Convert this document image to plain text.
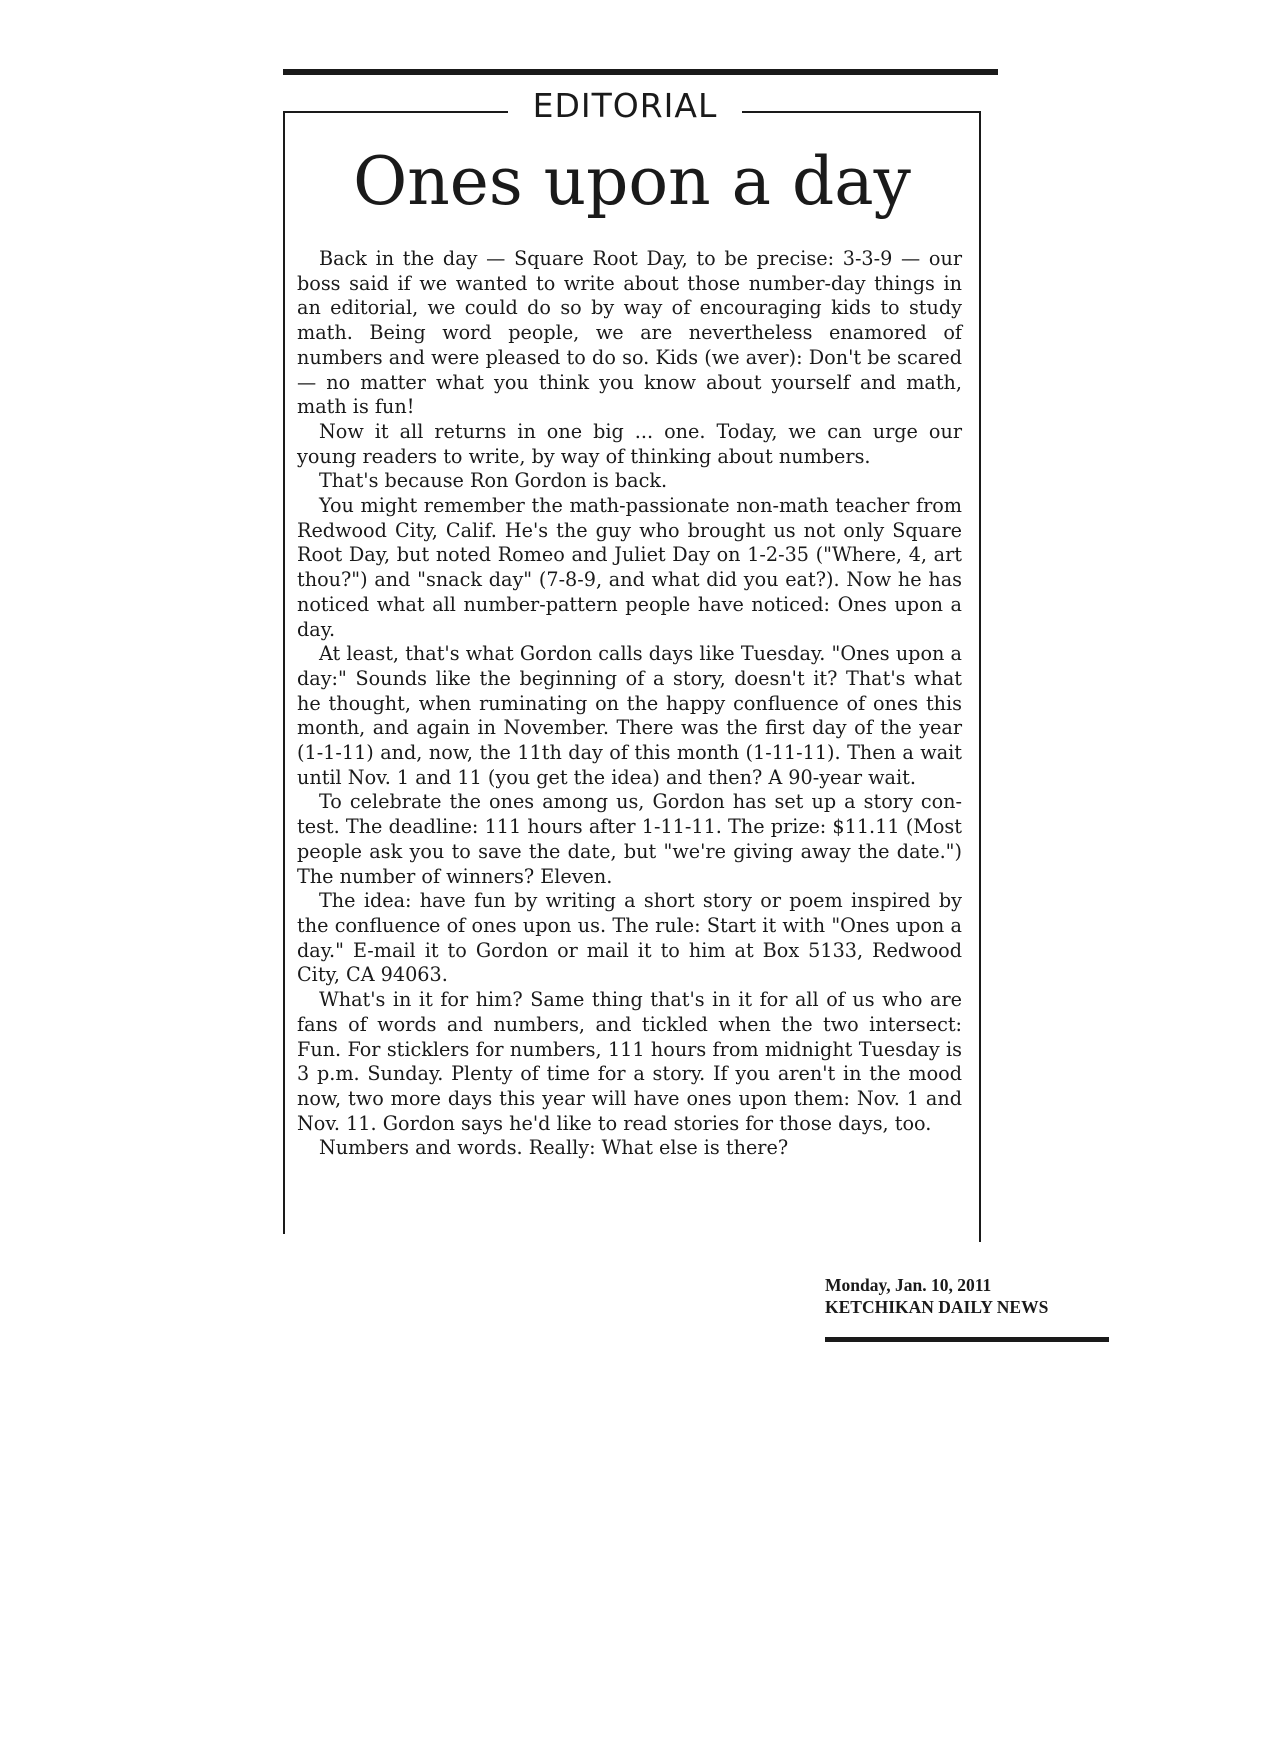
EDITORIAL
Ones upon a day

Back in the day — Square Root Day, to be precise: 3-3-9 — our boss said if we wanted to write about those number-day things in an editorial, we could do so by way of encouraging kids to study math. Being word people, we are nevertheless enamored of numbers and were pleased to do so. Kids (we aver): Don't be scared — no matter what you think you know about yourself and math, math is fun!

Now it all returns in one big ... one. Today, we can urge our young readers to write, by way of thinking about numbers.

That's because Ron Gordon is back.

You might remember the math-passionate non-math teacher from Redwood City, Calif. He's the guy who brought us not only Square Root Day, but noted Romeo and Juliet Day on 1-2-35 ("Where, 4, art thou?") and "snack day" (7-8-9, and what did you eat?). Now he has noticed what all number-pattern people have noticed: Ones upon a day.

At least, that's what Gordon calls days like Tuesday. "Ones upon a day:" Sounds like the beginning of a story, doesn't it? That's what he thought, when ruminating on the happy confluence of ones this month, and again in November. There was the first day of the year (1-1-11) and, now, the 11th day of this month (1-11-11). Then a wait until Nov. 1 and 11 (you get the idea) and then? A 90-year wait.

To celebrate the ones among us, Gordon has set up a story contest. The deadline: 111 hours after 1-11-11. The prize: $11.11 (Most people ask you to save the date, but "we're giving away the date.") The number of winners? Eleven.

The idea: have fun by writing a short story or poem inspired by the confluence of ones upon us. The rule: Start it with "Ones upon a day." E-mail it to Gordon or mail it to him at Box 5133, Redwood City, CA 94063.

What's in it for him? Same thing that's in it for all of us who are fans of words and numbers, and tickled when the two intersect: Fun. For sticklers for numbers, 111 hours from midnight Tuesday is 3 p.m. Sunday. Plenty of time for a story. If you aren't in the mood now, two more days this year will have ones upon them: Nov. 1 and Nov. 11. Gordon says he'd like to read stories for those days, too.

Numbers and words. Really: What else is there?

Monday, Jan. 10, 2011
KETCHIKAN DAILY NEWS
